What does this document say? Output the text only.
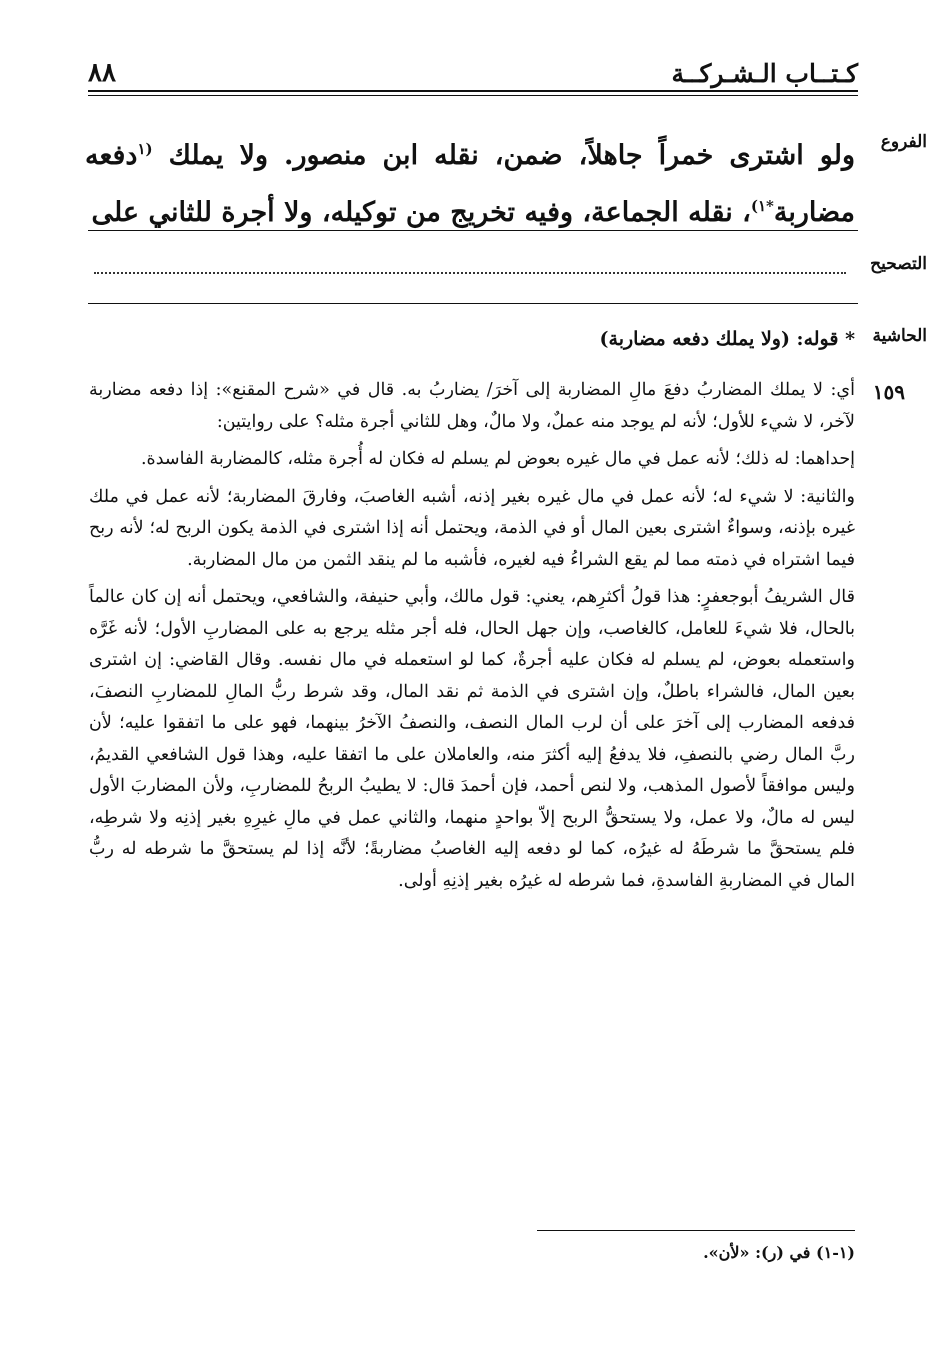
كـتــاب الـشـركــة
٨٨
الفروع
ولو اشترى خمراً جاهلاً، ضمن، نقله ابن منصور. ولا يملك $^{(١}$دفعه مضاربة$^{*١)}$، نقله الجماعة، وفيه تخريج من توكيله، ولا أجرة للثاني على
التصحيح
الحاشية
* قوله: (ولا يملك دفعه مضاربة)
١٥٩

أي: لا يملك المضاربُ دفعَ مالِ المضاربة إلى آخرَ/ يضاربُ به. قال في «شرح المقنع»: إذا دفعه مضاربة لآخر، لا شيء للأول؛ لأنه لم يوجد منه عملٌ، ولا مالٌ، وهل للثاني أجرة مثله؟ على روايتين:

إحداهما: له ذلك؛ لأنه عمل في مال غيره بعوض لم يسلم له فكان له أُجرة مثله، كالمضاربة الفاسدة.

والثانية: لا شيء له؛ لأنه عمل في مال غيره بغير إذنه، أشبه الغاصبَ، وفارقَ المضاربة؛ لأنه عمل في ملك غيره بإذنه، وسواءٌ اشترى بعين المال أو في الذمة، ويحتمل أنه إذا اشترى في الذمة يكون الربح له؛ لأنه ربح فيما اشتراه في ذمته مما لم يقع الشراءُ فيه لغيره، فأشبه ما لم ينقد الثمن من مال المضاربة.

قال الشريفُ أبوجعفرٍ: هذا قولُ أكثرِهم، يعني: قول مالك، وأبي حنيفة، والشافعي، ويحتمل أنه إن كان عالماً بالحال، فلا شيءَ للعامل، كالغاصب، وإن جهل الحال، فله أجر مثله يرجع به على المضاربِ الأول؛ لأنه غَرَّه واستعمله بعوض، لم يسلم له فكان عليه أجرةٌ، كما لو استعمله في مال نفسه. وقال القاضي: إن اشترى بعين المال، فالشراء باطلٌ، وإن اشترى في الذمة ثم نقد المال، وقد شرط ربُّ المالِ للمضاربِ النصفَ، فدفعه المضارب إلى آخرَ على أن لرب المال النصف، والنصفُ الآخرُ بينهما، فهو على ما اتفقوا عليه؛ لأن ربَّ المال رضي بالنصفِ، فلا يدفعُ إليه أكثرَ منه، والعاملان على ما اتفقا عليه، وهذا قول الشافعي القديمُ، وليس موافقاً لأصول المذهب، ولا لنص أحمد، فإن أحمدَ قال: لا يطيبُ الربحُ للمضاربِ، ولأن المضاربَ الأول ليس له مالٌ، ولا عمل، ولا يستحقُّ الربح إلاّ بواحدٍ منهما، والثاني عمل في مالِ غيرِهِ بغير إذنِه ولا شرطِه، فلم يستحقَّ ما شرطَهُ له غيرُه، كما لو دفعه إليه الغاصبُ مضاربةً؛ لأنَّه إذا لم يستحقَّ ما شرطه له ربُّ المال في المضاربةِ الفاسدةِ، فما شرطه له غيرُه بغير إذنِهِ أولى.

(١-١) في (ر): «لأن».
